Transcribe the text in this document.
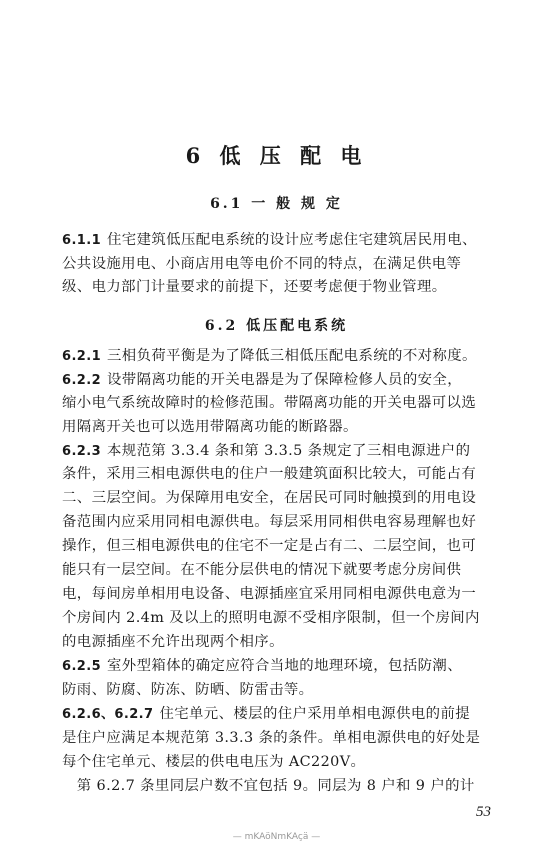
6 低 压 配 电
6.1 一 般 规 定
6.1.1 住宅建筑低压配电系统的设计应考虑住宅建筑居民用电、
公共设施用电、小商店用电等电价不同的特点，在满足供电等
级、电力部门计量要求的前提下，还要考虑便于物业管理。
6.2 低压配电系统
6.2.1 三相负荷平衡是为了降低三相低压配电系统的不对称度。
6.2.2 设带隔离功能的开关电器是为了保障检修人员的安全，
缩小电气系统故障时的检修范围。带隔离功能的开关电器可以选
用隔离开关也可以选用带隔离功能的断路器。
6.2.3 本规范第 3.3.4 条和第 3.3.5 条规定了三相电源进户的
条件，采用三相电源供电的住户一般建筑面积比较大，可能占有
二、三层空间。为保障用电安全，在居民可同时触摸到的用电设
备范围内应采用同相电源供电。每层采用同相供电容易理解也好
操作，但三相电源供电的住宅不一定是占有二、二层空间，也可
能只有一层空间。在不能分层供电的情况下就要考虑分房间供
电，每间房单相用电设备、电源插座宜采用同相电源供电意为一
个房间内 2.4m 及以上的照明电源不受相序限制，但一个房间内
的电源插座不允许出现两个相序。
6.2.5 室外型箱体的确定应符合当地的地理环境，包括防潮、
防雨、防腐、防冻、防晒、防雷击等。
6.2.6、6.2.7 住宅单元、楼层的住户采用单相电源供电的前提
是住户应满足本规范第 3.3.3 条的条件。单相电源供电的好处是
每个住宅单元、楼层的供电电压为 AC220V。
　第 6.2.7 条里同层户数不宜包括 9。同层为 8 户和 9 户的计
53
— mKAöNmKAçä —
